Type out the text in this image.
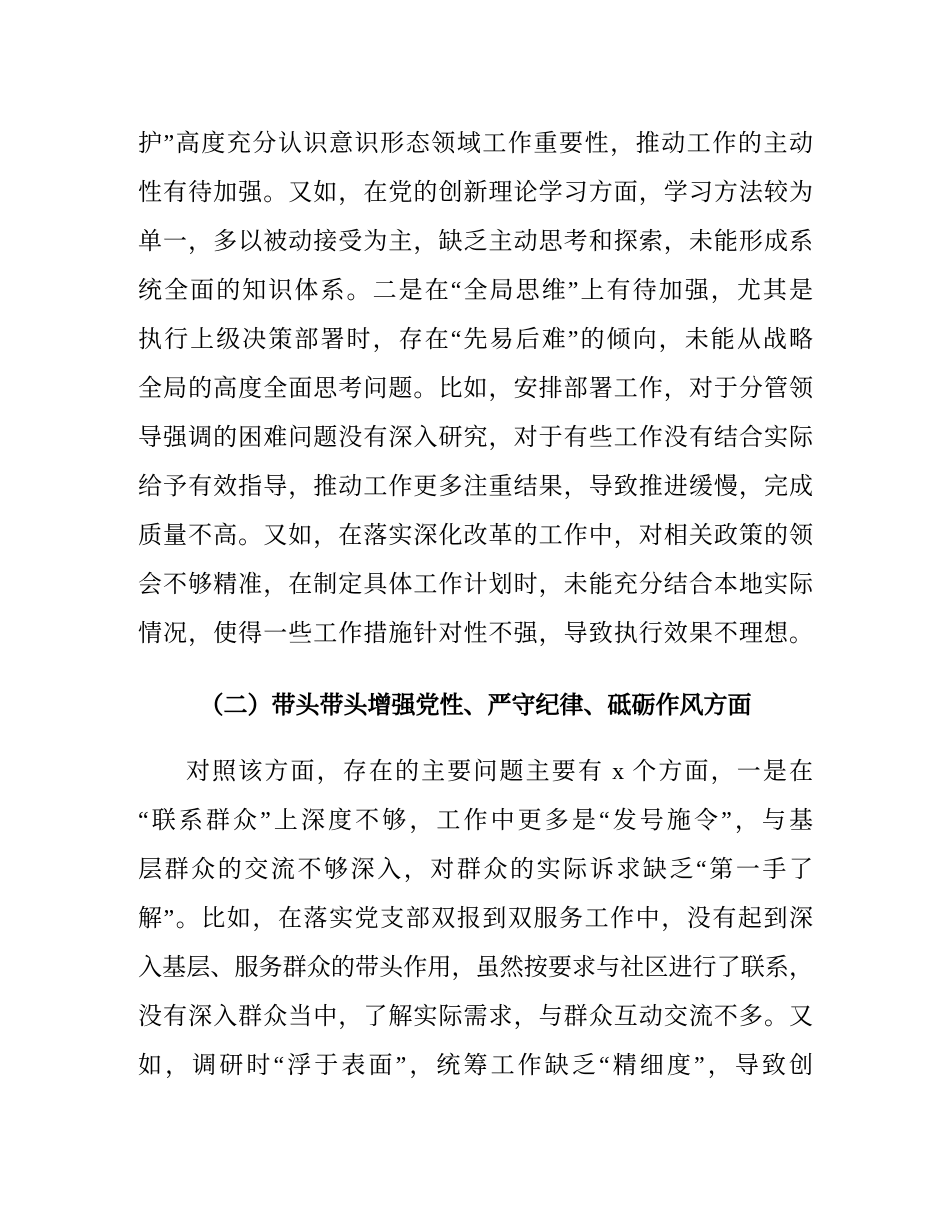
护”高度充分认识意识形态领域工作重要性，推动工作的主动
性有待加强。又如，在党的创新理论学习方面，学习方法较为
单一，多以被动接受为主，缺乏主动思考和探索，未能形成系
统全面的知识体系。二是在“全局思维”上有待加强，尤其是
执行上级决策部署时，存在“先易后难”的倾向，未能从战略
全局的高度全面思考问题。比如，安排部署工作，对于分管领
导强调的困难问题没有深入研究，对于有些工作没有结合实际
给予有效指导，推动工作更多注重结果，导致推进缓慢，完成
质量不高。又如，在落实深化改革的工作中，对相关政策的领
会不够精准，在制定具体工作计划时，未能充分结合本地实际
情况，使得一些工作措施针对性不强，导致执行效果不理想。
（二）带头带头增强党性、严守纪律、砥砺作风方面
对照该方面，存在的主要问题主要有 x 个方面，一是在
“联系群众”上深度不够，工作中更多是“发号施令”，与基
层群众的交流不够深入，对群众的实际诉求缺乏“第一手了
解”。比如，在落实党支部双报到双服务工作中，没有起到深
入基层、服务群众的带头作用，虽然按要求与社区进行了联系，
没有深入群众当中，了解实际需求，与群众互动交流不多。又
如，调研时“浮于表面”，统筹工作缺乏“精细度”，导致创
